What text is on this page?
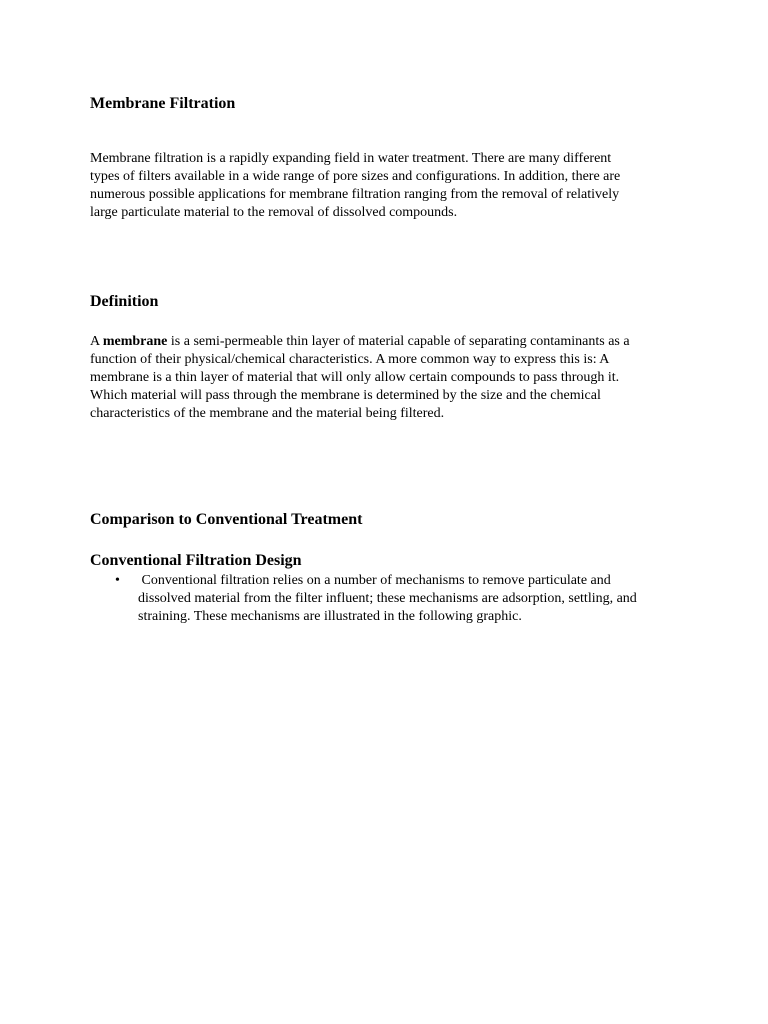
Membrane Filtration

Membrane filtration is a rapidly expanding field in water treatment. There are many different
types of filters available in a wide range of pore sizes and configurations. In addition, there are
numerous possible applications for membrane filtration ranging from the removal of relatively
large particulate material to the removal of dissolved compounds.

Definition

A membrane is a semi-permeable thin layer of material capable of separating contaminants as a
function of their physical/chemical characteristics. A more common way to express this is: A
membrane is a thin layer of material that will only allow certain compounds to pass through it.
Which material will pass through the membrane is determined by the size and the chemical
characteristics of the membrane and the material being filtered.

Comparison to Conventional Treatment
Conventional Filtration Design
• Conventional filtration relies on a number of mechanisms to remove particulate and
dissolved material from the filter influent; these mechanisms are adsorption, settling, and
straining. These mechanisms are illustrated in the following graphic.
